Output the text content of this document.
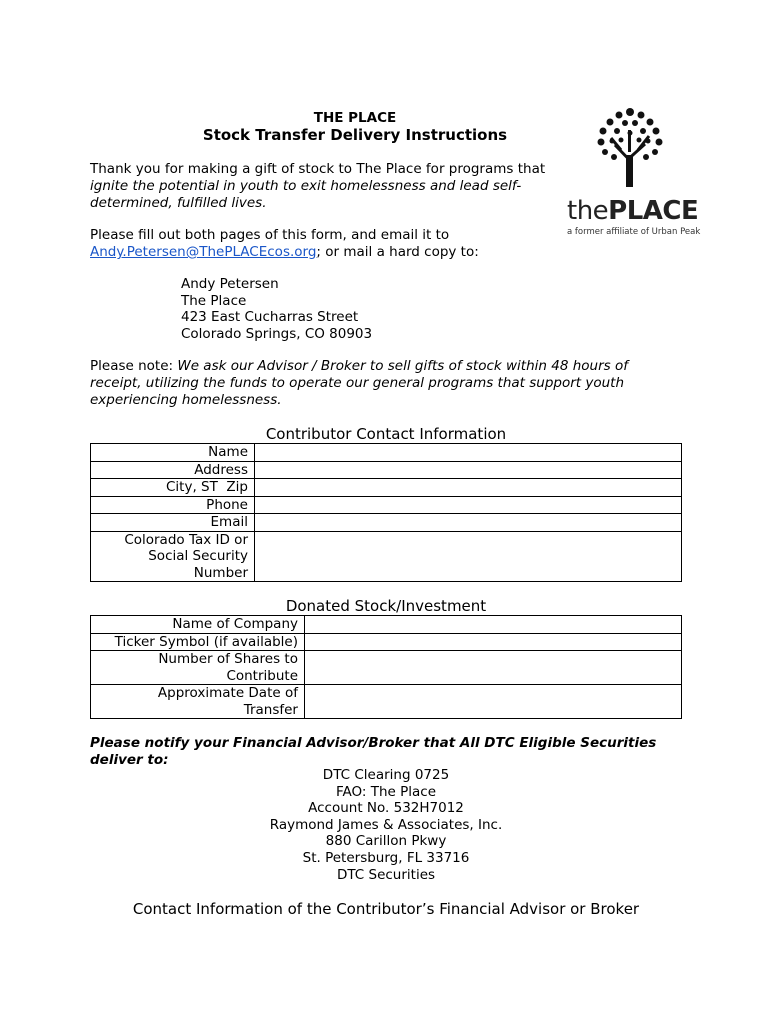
THE PLACE
Stock Transfer Delivery Instructions
thePLACE
a former affiliate of Urban Peak
Thank you for making a gift of stock to The Place for programs that ignite the potential in youth to exit homelessness and lead self-determined, fulfilled lives.
Please fill out both pages of this form, and email it to
Andy.Petersen@ThePLACEcos.org; or mail a hard copy to:
Andy Petersen
The Place
423 East Cucharras Street
Colorado Springs, CO 80903
Please note: We ask our Advisor / Broker to sell gifts of stock within 48 hours of receipt, utilizing the funds to operate our general programs that support youth experiencing homelessness.
Contributor Contact Information
Name	
Address	
City, ST  Zip	
Phone	
Email	
Colorado Tax ID or Social Security Number	
Donated Stock/Investment
Name of Company	
Ticker Symbol (if available)	
Number of Shares to Contribute	
Approximate Date of Transfer	
Please notify your Financial Advisor/Broker that All DTC Eligible Securities deliver to:
DTC Clearing 0725
FAO: The Place
Account No. 532H7012
Raymond James & Associates, Inc.
880 Carillon Pkwy
St. Petersburg, FL 33716
DTC Securities
Contact Information of the Contributor’s Financial Advisor or Broker
